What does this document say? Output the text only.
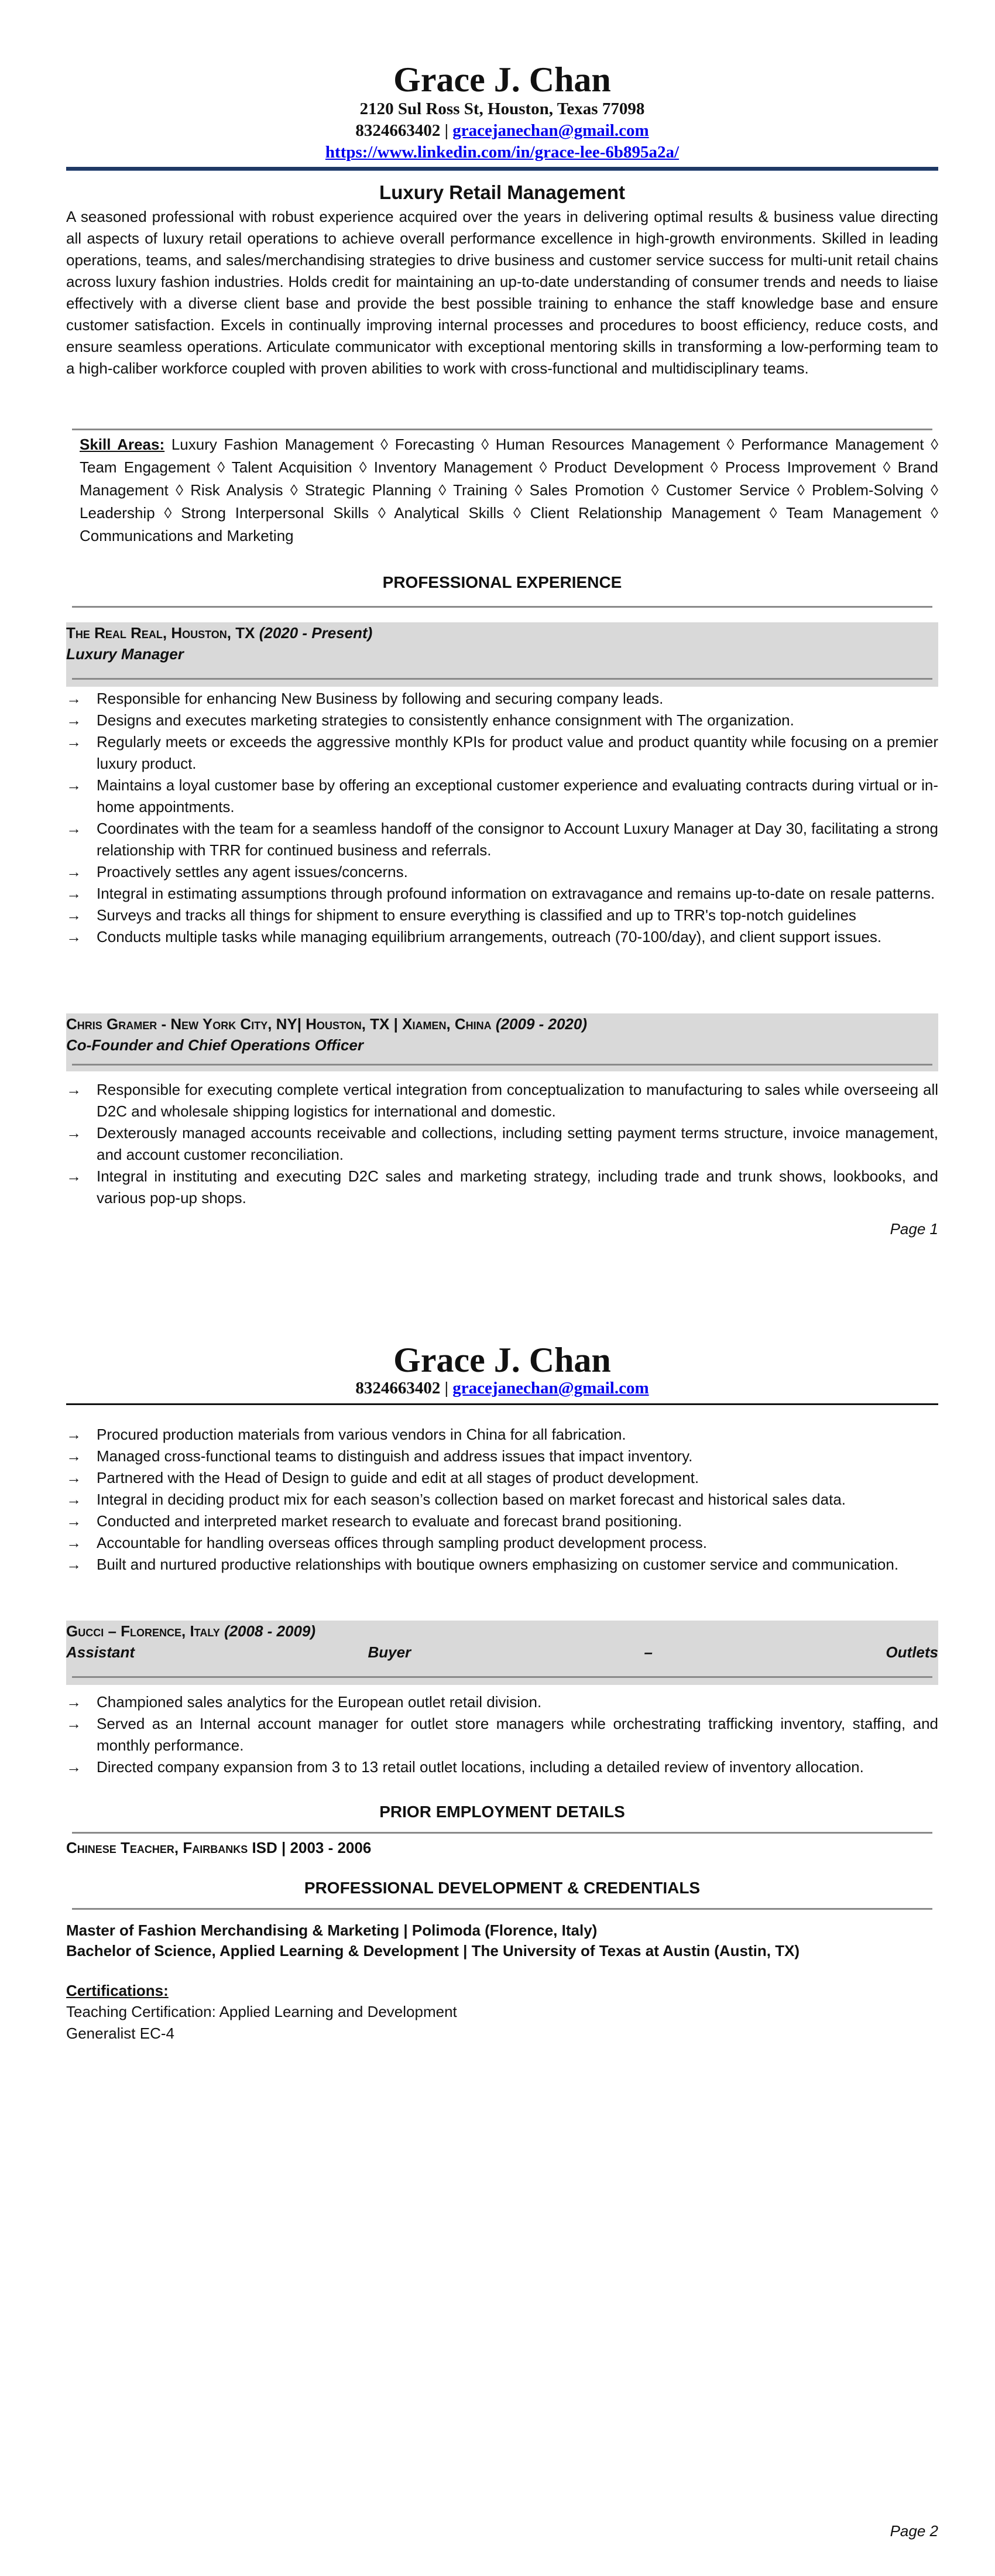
Grace J. Chan
2120 Sul Ross St, Houston, Texas 77098
8324663402 | gracejanechan@gmail.com
https://www.linkedin.com/in/grace-lee-6b895a2a/
Luxury Retail Management
A seasoned professional with robust experience acquired over the years in delivering optimal results & business value directing all aspects of luxury retail operations to achieve overall performance excellence in high-growth environments. Skilled in leading operations, teams, and sales/merchandising strategies to drive business and customer service success for multi-unit retail chains across luxury fashion industries. Holds credit for maintaining an up-to-date understanding of consumer trends and needs to liaise effectively with a diverse client base and provide the best possible training to enhance the staff knowledge base and ensure customer satisfaction. Excels in continually improving internal processes and procedures to boost efficiency, reduce costs, and ensure seamless operations. Articulate communicator with exceptional mentoring skills in transforming a low-performing team to a high-caliber workforce coupled with proven abilities to work with cross-functional and multidisciplinary teams.
Skill Areas: Luxury Fashion Management ◊ Forecasting ◊ Human Resources Management ◊ Performance Management ◊ Team Engagement ◊ Talent Acquisition ◊ Inventory Management ◊ Product Development ◊ Process Improvement ◊ Brand Management ◊ Risk Analysis ◊ Strategic Planning ◊ Training ◊ Sales Promotion ◊ Customer Service ◊ Problem-Solving ◊ Leadership ◊ Strong Interpersonal Skills ◊ Analytical Skills ◊ Client Relationship Management ◊ Team Management ◊ Communications and Marketing
PROFESSIONAL EXPERIENCE
The Real Real, Houston, TX (2020 - Present)
Luxury Manager
→ Responsible for enhancing New Business by following and securing company leads.
→ Designs and executes marketing strategies to consistently enhance consignment with The organization.
→ Regularly meets or exceeds the aggressive monthly KPIs for product value and product quantity while focusing on a premier luxury product.
→ Maintains a loyal customer base by offering an exceptional customer experience and evaluating contracts during virtual or in-home appointments.
→ Coordinates with the team for a seamless handoff of the consignor to Account Luxury Manager at Day 30, facilitating a strong relationship with TRR for continued business and referrals.
→ Proactively settles any agent issues/concerns.
→ Integral in estimating assumptions through profound information on extravagance and remains up-to-date on resale patterns.
→ Surveys and tracks all things for shipment to ensure everything is classified and up to TRR's top-notch guidelines
→ Conducts multiple tasks while managing equilibrium arrangements, outreach (70-100/day), and client support issues.
Chris Gramer - New York City, NY| Houston, TX | Xiamen, China (2009 - 2020)
Co-Founder and Chief Operations Officer
→ Responsible for executing complete vertical integration from conceptualization to manufacturing to sales while overseeing all D2C and wholesale shipping logistics for international and domestic.
→ Dexterously managed accounts receivable and collections, including setting payment terms structure, invoice management, and account customer reconciliation.
→ Integral in instituting and executing D2C sales and marketing strategy, including trade and trunk shows, lookbooks, and various pop-up shops.
Page 1
Grace J. Chan
8324663402 | gracejanechan@gmail.com
→ Procured production materials from various vendors in China for all fabrication.
→ Managed cross-functional teams to distinguish and address issues that impact inventory.
→ Partnered with the Head of Design to guide and edit at all stages of product development.
→ Integral in deciding product mix for each season’s collection based on market forecast and historical sales data.
→ Conducted and interpreted market research to evaluate and forecast brand positioning.
→ Accountable for handling overseas offices through sampling product development process.
→ Built and nurtured productive relationships with boutique owners emphasizing on customer service and communication.
Gucci – Florence, Italy (2008 - 2009)
Assistant Buyer – Outlets
→ Championed sales analytics for the European outlet retail division.
→ Served as an Internal account manager for outlet store managers while orchestrating trafficking inventory, staffing, and monthly performance.
→ Directed company expansion from 3 to 13 retail outlet locations, including a detailed review of inventory allocation.
PRIOR EMPLOYMENT DETAILS
Chinese Teacher, Fairbanks ISD | 2003 - 2006
PROFESSIONAL DEVELOPMENT & CREDENTIALS
Master of Fashion Merchandising & Marketing | Polimoda (Florence, Italy)
Bachelor of Science, Applied Learning & Development | The University of Texas at Austin (Austin, TX)
Certifications:
Teaching Certification: Applied Learning and Development
Generalist EC-4
Page 2
